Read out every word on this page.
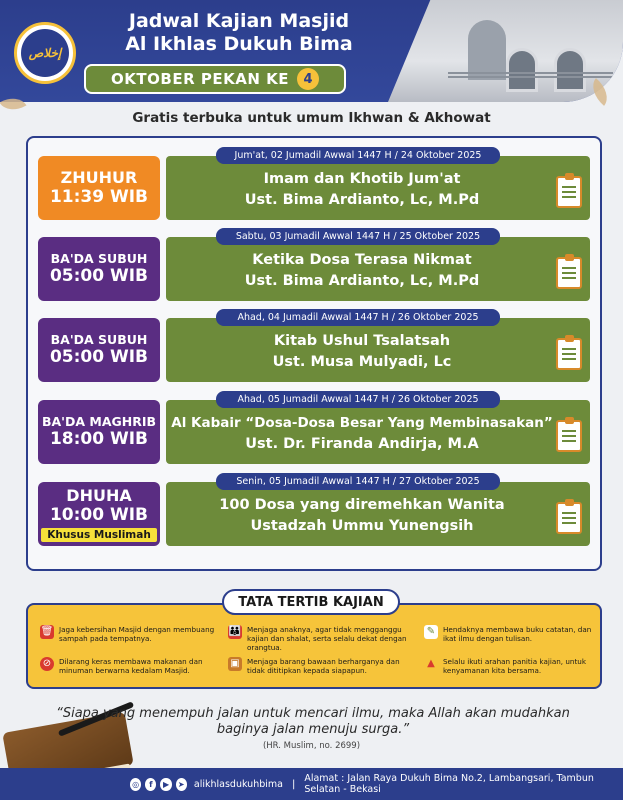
إخلاص
Jadwal Kajian Masjid
Al Ikhlas Dukuh Bima
OKTOBER PEKAN KE	4
Gratis terbuka untuk umum Ikhwan & Akhowat
ZHUHUR
11:39 WIB
Jum'at, 02 Jumadil Awwal 1447 H / 24 Oktober 2025
Imam dan Khotib Jum'at
Ust. Bima Ardianto, Lc, M.Pd
BA'DA SUBUH
05:00 WIB
Sabtu, 03 Jumadil Awwal 1447 H / 25 Oktober 2025
Ketika Dosa Terasa Nikmat
Ust. Bima Ardianto, Lc, M.Pd
BA'DA SUBUH
05:00 WIB
Ahad, 04 Jumadil Awwal 1447 H / 26 Oktober 2025
Kitab Ushul Tsalatsah
Ust. Musa Mulyadi, Lc
BA'DA MAGHRIB
18:00 WIB
Ahad, 05 Jumadil Awwal 1447 H / 26 Oktober 2025
Al Kabair “Dosa-Dosa Besar Yang Membinasakan”
Ust. Dr. Firanda Andirja, M.A
DHUHA
10:00 WIB
Khusus Muslimah
Senin, 05 Jumadil Awwal 1447 H / 27 Oktober 2025
100 Dosa yang diremehkan Wanita
Ustadzah Ummu Yunengsih
TATA TERTIB KAJIAN
🗑 Jaga kebersihan Masjid dengan membuang sampah pada tempatnya.
👪 Menjaga anaknya, agar tidak mengganggu kajian dan shalat, serta selalu dekat dengan orangtua.
✎	Hendaknya membawa buku catatan, dan ikat ilmu dengan tulisan.
⊘	Dilarang keras membawa makanan dan minuman berwarna kedalam Masjid.
▣	Menjaga barang bawaan berharganya dan tidak dititipkan kepada siapapun.
▲	Selalu ikuti arahan panitia kajian, untuk kenyamanan kita bersama.
“Siapa yang menempuh jalan untuk mencari ilmu, maka Allah akan mudahkan baginya jalan menuju surga.”
(HR. Muslim, no. 2699)
◎	f	▶	➤ alikhlasdukuhbima | Alamat : Jalan Raya Dukuh Bima No.2, Lambangsari, Tambun Selatan - Bekasi
